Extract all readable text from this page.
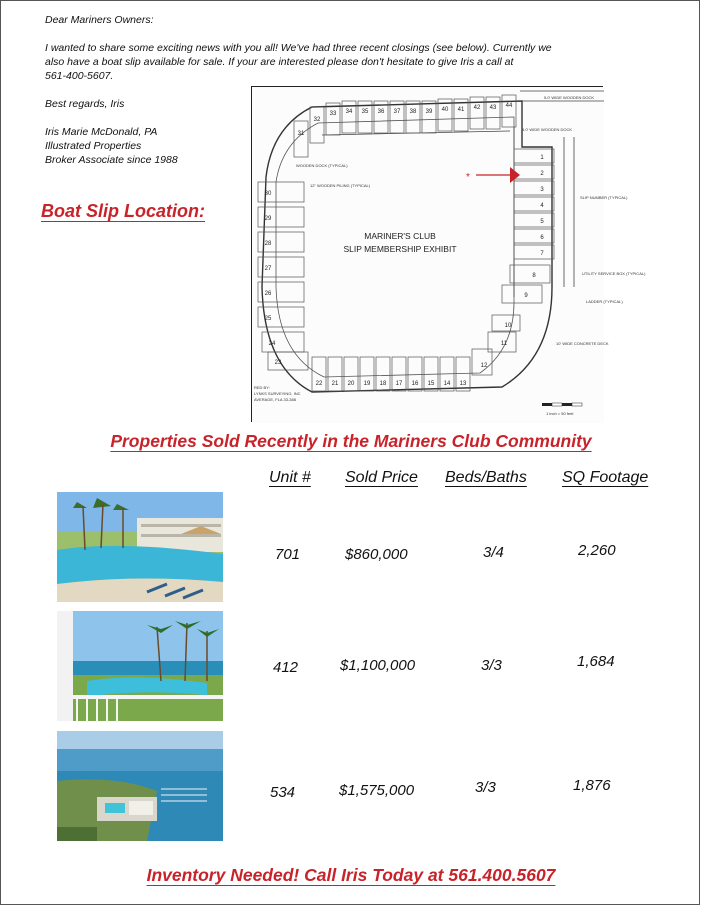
Dear Mariners Owners:

I wanted to share some exciting news with you all! We've had three recent closings (see below). Currently we

also have a boat slip available for sale. If your are interested please don't hesitate to give Iris a call at

561-400-5607.

Best regards, Iris

Iris Marie McDonald, PA

Illustrated Properties

Broker Associate since 1988

Boat Slip Location:
30
29
28
27
26
25
24
23
22 21 20 19 18 17 16 15 14 13
12
11
10
1
2
3
4
5
6
7
8
9
31
32
33 34 35 36 37 38 39 40 41 42 43 44
MARINER'S CLUB
SLIP MEMBERSHIP EXHIBIT
5.0' WIDE WOODEN DOCK
4.0' WIDE WOODEN DOCK
WOODEN DOCK (TYPICAL)
12" WOODEN PILING (TYPICAL)
SLIP NUMBER (TYPICAL)
UTILITY SERVICE BOX (TYPICAL)
LADDER (TYPICAL)
10' WIDE CONCRETE DECK
1 inch = 50 feet
RED BY:
LYNKS SURVEYING, INC
AVERAGE, FLA 33-388
*
Properties Sold Recently in the Mariners Club Community
Unit # Sold Price Beds/Baths SQ Footage
701	$860,000	3/4	2,260
412	$1,100,000	3/3	1,684
534	$1,575,000	3/3	1,876
Inventory Needed! Call Iris Today at 561.400.5607
